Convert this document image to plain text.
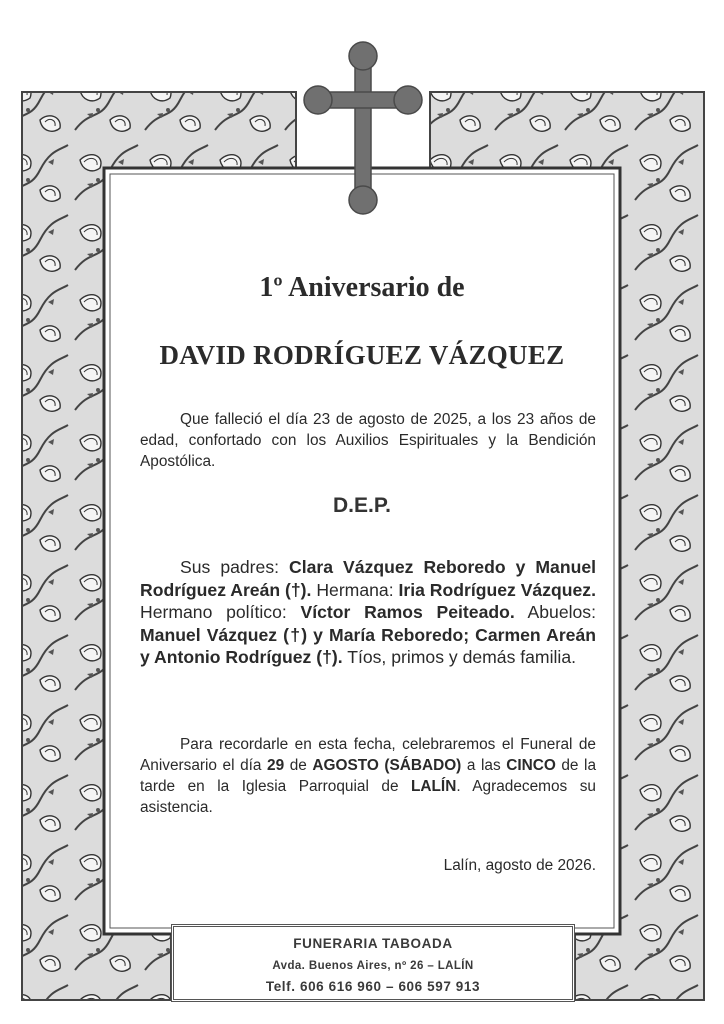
1º Aniversario de
DAVID RODRÍGUEZ VÁZQUEZ
Que falleció el día 23 de agosto de 2025, a los 23 años de edad, confortado con los Auxilios Espirituales y la Bendición Apostólica.
D.E.P.
Sus padres: Clara Vázquez Reboredo y Manuel Rodríguez Areán (†). Hermana: Iria Rodríguez Vázquez. Hermano político: Víctor Ramos Peiteado. Abuelos: Manuel Vázquez (†) y María Reboredo; Carmen Areán y Antonio Rodríguez (†). Tíos, primos y demás familia.
Para recordarle en esta fecha, celebraremos el Funeral de Aniversario el día 29 de AGOSTO (SÁBADO) a las CINCO de la tarde en la Iglesia Parroquial de LALÍN. Agradecemos su asistencia.
Lalín, agosto de 2026.
FUNERARIA TABOADA
Avda. Buenos Aires, nº 26 – LALÍN
Telf. 606 616 960 – 606 597 913
